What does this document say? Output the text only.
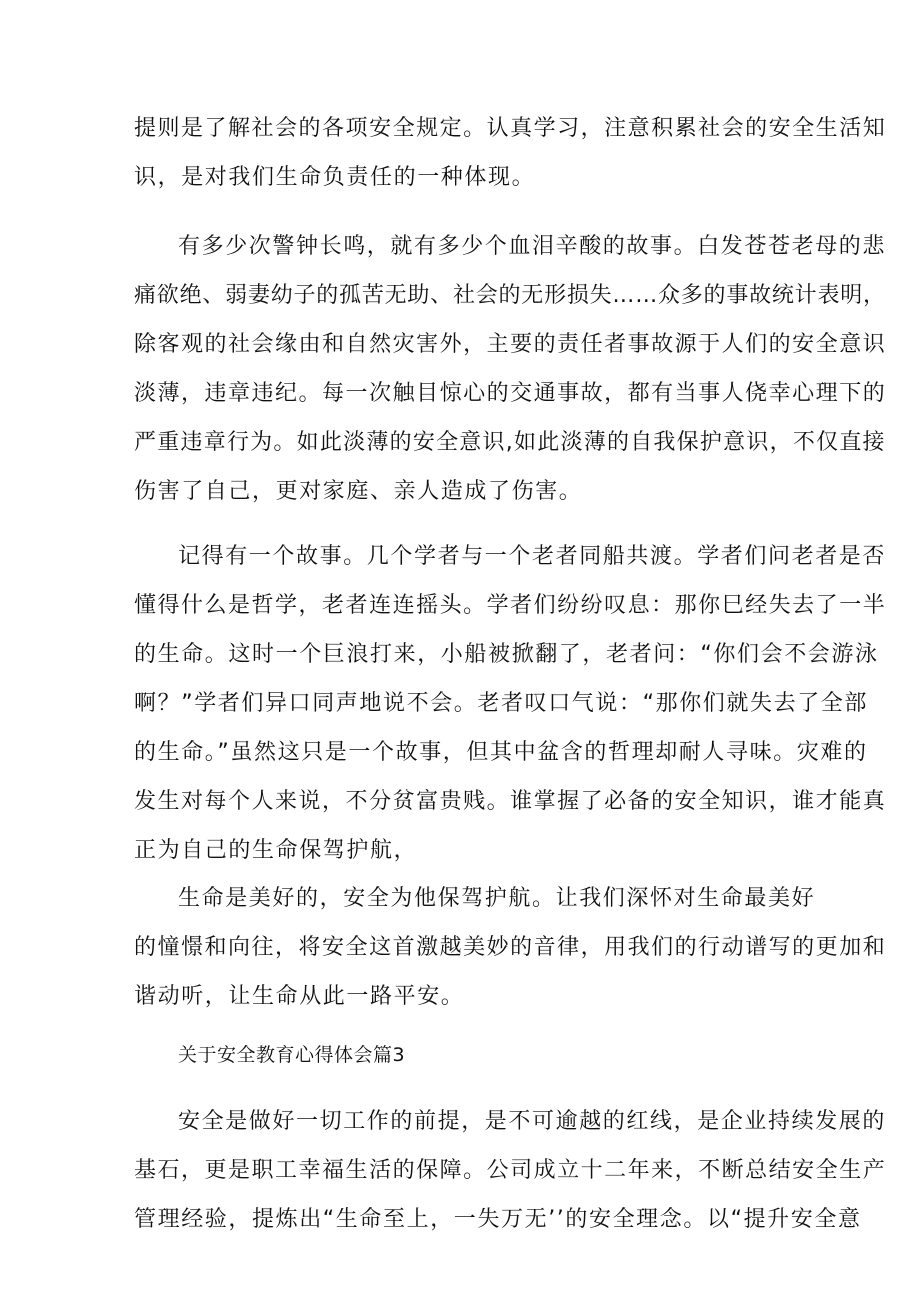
提则是了解社会的各项安全规定。认真学习，注意积累社会的安全生活知
识，是对我们生命负责任的一种体现。
有多少次警钟长鸣，就有多少个血泪辛酸的故事。白发苍苍老母的悲
痛欲绝、弱妻幼子的孤苦无助、社会的无形损失……众多的事故统计表明，
除客观的社会缘由和自然灾害外，主要的责任者事故源于人们的安全意识
淡薄，违章违纪。每一次触目惊心的交通事故，都有当事人侥幸心理下的
严重违章行为。如此淡薄的安全意识,如此淡薄的自我保护意识，不仅直接
伤害了自己，更对家庭、亲人造成了伤害。
记得有一个故事。几个学者与一个老者同船共渡。学者们问老者是否
懂得什么是哲学，老者连连摇头。学者们纷纷叹息：那你巳经失去了一半
的生命。这时一个巨浪打来，小船被掀翻了，老者问：“你们会不会游泳
啊？”学者们异口同声地说不会。老者叹口气说：“那你们就失去了全部
的生命。”虽然这只是一个故事，但其中盆含的哲理却耐人寻味。灾难的
发生对每个人来说，不分贫富贵贱。谁掌握了必备的安全知识，谁才能真
正为自己的生命保驾护航，
生命是美好的，安全为他保驾护航。让我们深怀对生命最美好
的憧憬和向往，将安全这首激越美妙的音律，用我们的行动谱写的更加和
谐动听，让生命从此一路平安。
关于安全教育心得体会篇3
安全是做好一切工作的前提，是不可逾越的红线，是企业持续发展的
基石，更是职工幸福生活的保障。公司成立十二年来，不断总结安全生产
管理经验，提炼出“生命至上，一失万无’’的安全理念。以“提升安全意
